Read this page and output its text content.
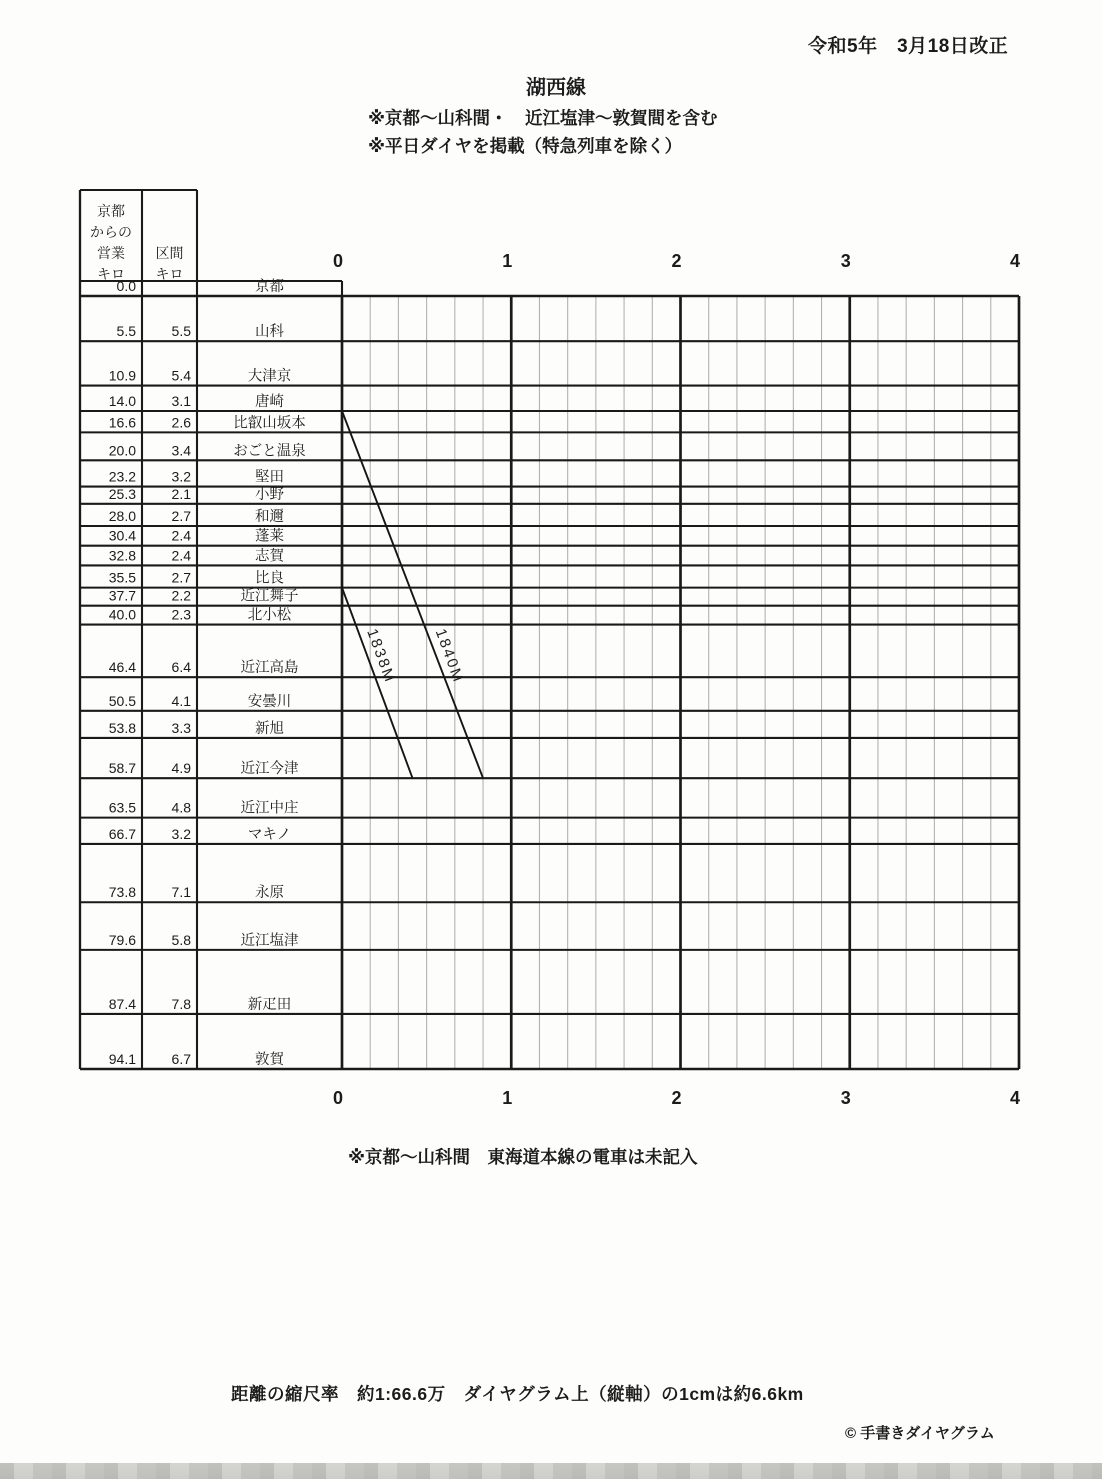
令和5年　3月18日改正
湖西線
※京都～山科間・　近江塩津～敦賀間を含む
※平日ダイヤを掲載（特急列車を除く）
京都
からの
営業
キロ
区間
キロ
0.0	京都
5.5	5.5	山科
10.9	5.4	大津京
14.0	3.1	唐崎
16.6	2.6	比叡山坂本
20.0	3.4	おごと温泉
23.2	3.2	堅田
25.3	2.1	小野
28.0	2.7	和邇
30.4	2.4	蓬莱
32.8	2.4	志賀
35.5	2.7	比良
37.7	2.2	近江舞子
40.0	2.3	北小松
46.4	6.4	近江高島
50.5	4.1	安曇川
53.8	3.3	新旭
58.7	4.9	近江今津
63.5	4.8	近江中庄
66.7	3.2	マキノ
73.8	7.1	永原
79.6	5.8	近江塩津
87.4	7.8	新疋田
94.1	6.7	敦賀
0
0
1
1
2
2
3
3
4
4
1838M 1840M
※京都～山科間　東海道本線の電車は未記入
距離の縮尺率　約1:66.6万　ダイヤグラム上（縦軸）の1cmは約6.6km
© 手書きダイヤグラム
